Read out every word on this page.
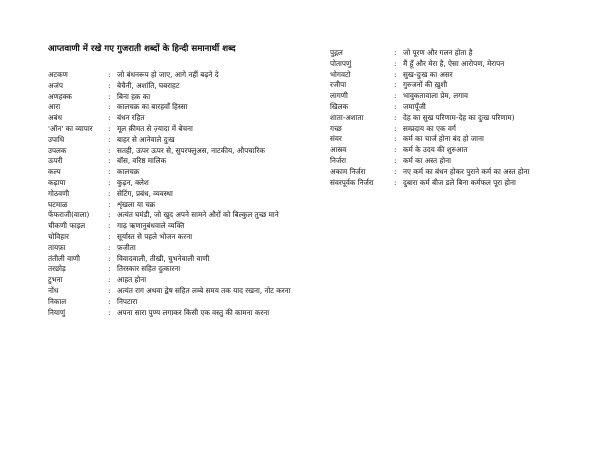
आप्तवाणी में रखे गए गुजराती शब्दों के हिन्दी समानार्थी शब्द
अटकण	: जो बंधनरूप हो जाए, आगे नहीं बढ़ने दे
अजंप	: बेचैनी, अशांति, घबराहट
अणहक्क	: बिना हक़ का
आरा	: कालचक्र का बारहवाँ हिस्सा
अबंध	: बंधन रहित
'ऑन' का व्यापार	: मूल क़ीमत से ज़्यादा में बेचना
उपाधि	: बाहर से आनेवाले दुःख
उपलक	: सतही, ऊपर ऊपर से, सुपरफ्लुअस, नाटकीय, औपचारिक
ऊपरी	: बॉस, वरिष्ठ मालिक
कल्प	: कालचक्र
कढ़ापा	: कुढ़न, क्लेश
गोठवणी	: सेटिंग, प्रबंध, व्यवस्था
घटमाळ	: शृंखला या चक्र
फेंफराजी(वाला)	: अत्यंत घमंडी, जो खुद अपने सामने औरों को बिल्कुल तुच्छ माने
चीकणी फाइल	: गाढ़ ऋणानुबंधवाले व्यक्ति
चोविहार	: सूर्यास्त से पहले भोजन करना
तायफ़ा	: फ़जीता
तंतीली वाणी	: विवादवाली, तीखी, चुभनेवाली वाणी
तरछोड़	: तिरस्कार सहित दुत्कारना
टुभना	: आहत होना
नोंध	: अत्यंत राग अथवा द्वेष सहित लम्बे समय तक याद रखना, नोट करना
निकाल	: निपटारा
नियाणुं	: अपना सारा पुण्य लगाकर किसी एक वस्तु की कामना करना
पुद्गल	: जो पूरण और गलन होता है
पोतापणुं	: मैं हूँ और मेरा है, ऐसा आरोपण, मेरापन
भोगवटो	: सुख-दुःख का असर
रजीपा	: गुरुजनों की ख़ुशी
लागणी	: भावुकतावाला प्रेम, लगाव
खिलक	: जमापूँजी
शाता-अशाता	: देह का सुख परिणाम-देह का दुःख परिणाम)
गच्छ	: सम्प्रदाय का एक वर्ग
संवर	: कर्म का चार्ज होना बंद हो जाना
आस्रव	: कर्म के उदय की शुरुआत
निर्जरा	: कर्म का अस्त होना
अकाम निर्जरा	: नए कर्म का बंधन होकर पुराने कर्म का अस्त होना
संवरपूर्वक निर्जरा	: दुबारा कर्म बीज डले बिना कर्मफल पूरा होना
